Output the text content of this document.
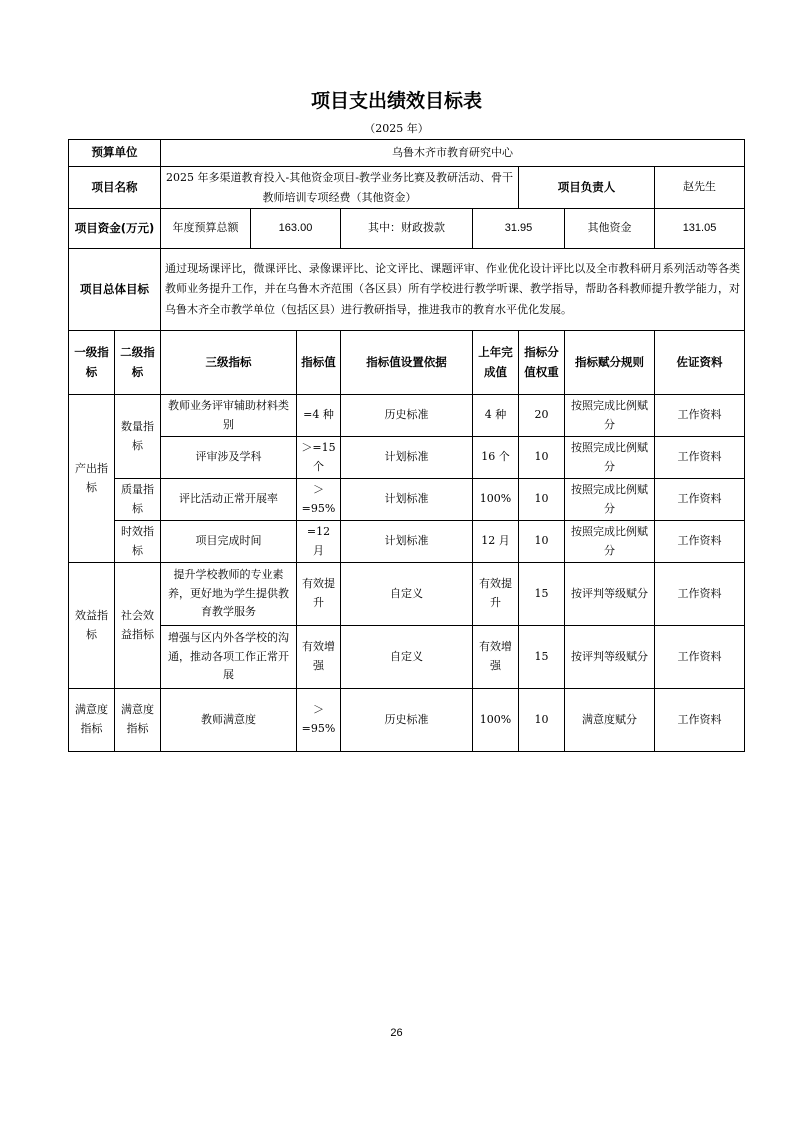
项目支出绩效目标表
（2025 年）
预算单位		乌鲁木齐市教育研究中心							
项目名称		2025 年多渠道教育投入-其他资金项目-教学业务比赛及教研活动、骨干教师培训专项经费（其他资金）					项目负责人		赵先生
项目资金(万元)		年度预算总额	163.00		其中：财政拨款	31.95		其他资金	131.05
项目总体目标		通过现场课评比，微课评比、录像课评比、论文评比、课题评审、作业优化设计评比以及全市教科研月系列活动等各类教师业务提升工作，并在乌鲁木齐范围（各区县）所有学校进行教学听课、教学指导，帮助各科教师提升教学能力，对乌鲁木齐全市教学单位（包括区县）进行教研指导，推进我市的教育水平优化发展。							
一级指标	二级指标	三级指标		指标值	指标值设置依据	上年完成值	指标分值权重	指标赋分规则	佐证资料
产出指标	数量指标	教师业务评审辅助材料类别		=4 种	历史标准	4 种	20	按照完成比例赋分	工作资料
		评审涉及学科		＞=15 个	计划标准	16 个	10	按照完成比例赋分	工作资料
	质量指标	评比活动正常开展率		＞=95%	计划标准	100%	10	按照完成比例赋分	工作资料
	时效指标	项目完成时间		=12 月	计划标准	12 月	10	按照完成比例赋分	工作资料
效益指标	社会效益指标	提升学校教师的专业素养，更好地为学生提供教育教学服务		有效提升	自定义	有效提升	15	按评判等级赋分	工作资料
		增强与区内外各学校的沟通，推动各项工作正常开展		有效增强	自定义	有效增强	15	按评判等级赋分	工作资料
满意度指标	满意度指标	教师满意度		＞=95%	历史标准	100%	10	满意度赋分	工作资料
26
